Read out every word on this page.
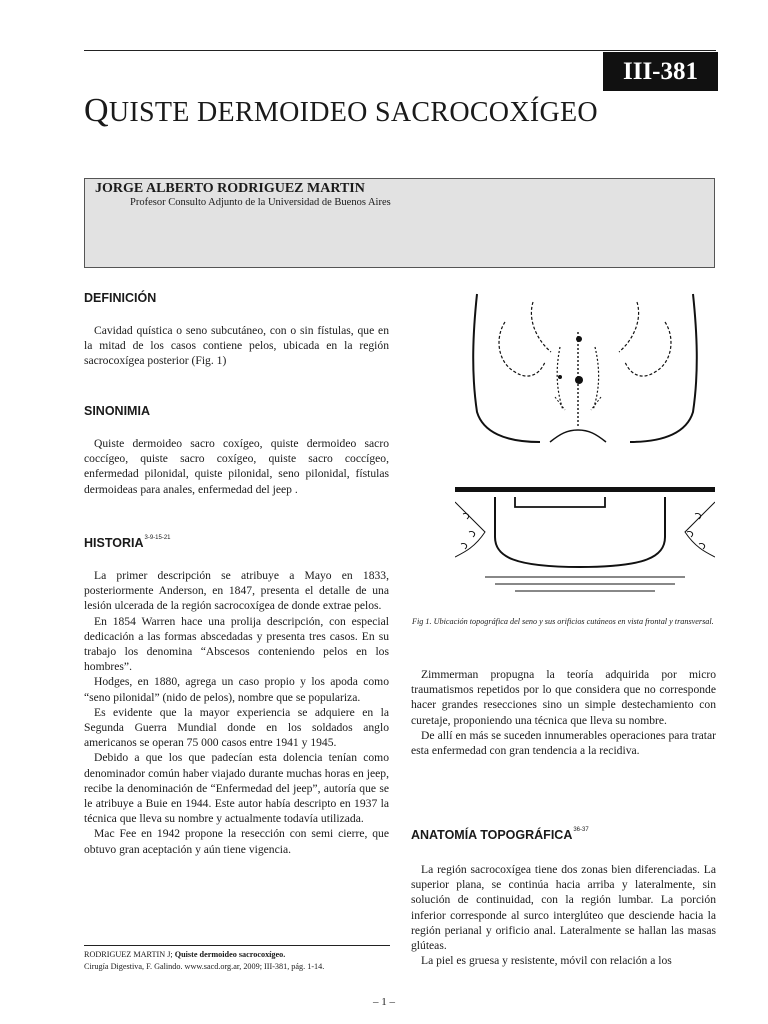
III-381
QUISTE DERMOIDEO SACROCOXÍGEO
JORGE ALBERTO RODRIGUEZ MARTIN
Profesor Consulto Adjunto de la Universidad de Buenos Aires
DEFINICIÓN

Cavidad quística o seno subcutáneo, con o sin fístulas, que en la mitad de los casos contiene pelos, ubicada en la región sacrocoxígea posterior (Fig. 1)

SINONIMIA

Quiste dermoideo sacro coxígeo, quiste dermoideo sacro coccígeo, quiste sacro coxígeo, quiste sacro coccígeo, enfermedad pilonidal, quiste pilonidal, seno pilonidal, fístulas dermoideas para anales, enfermedad del jeep .

HISTORIA$^{3-9-15-21}$

La primer descripción se atribuye a Mayo en 1833, posteriormente Anderson, en 1847, presenta el detalle de una lesión ulcerada de la región sacrocoxígea de donde extrae pelos.

En 1854 Warren hace una prolija descripción, con especial dedicación a las formas abscedadas y presenta tres casos. En su trabajo los denomina “Abscesos conteniendo pelos en los hombres”.

Hodges, en 1880, agrega un caso propio y los apoda como “seno pilonidal” (nido de pelos), nombre que se populariza.

Es evidente que la mayor experiencia se adquiere en la Segunda Guerra Mundial donde en los soldados anglo americanos se operan 75 000 casos entre 1941 y 1945.

Debido a que los que padecían esta dolencia tenían como denominador común haber viajado durante muchas horas en jeep, recibe la denominación de “Enfermedad del jeep”, autoría que se le atribuye a Buie en 1944. Este autor había descripto en 1937 la técnica que lleva su nombre y actualmente todavía utilizada.

Mac Fee en 1942 propone la resección con semi cierre, que obtuvo gran aceptación y aún tiene vigencia.

Fig 1. Ubicación topográfica del seno y sus orificios cutáneos en vista frontal y transversal.

Zimmerman propugna la teoría adquirida por micro traumatismos repetidos por lo que considera que no corresponde hacer grandes resecciones sino un simple destechamiento con curetaje, proponiendo una técnica que lleva su nombre.

De allí en más se suceden innumerables operaciones para tratar esta enfermedad con gran tendencia a la recidiva.

ANATOMÍA TOPOGRÁFICA$^{36-37}$

La región sacrocoxígea tiene dos zonas bien diferenciadas. La superior plana, se continúa hacia arriba y lateralmente, sin solución de continuidad, con la región lumbar. La porción inferior corresponde al surco interglúteo que desciende hacia la región perianal y orificio anal. Lateralmente se hallan las masas glúteas.

La piel es gruesa y resistente, móvil con relación a los

RODRIGUEZ MARTIN J; Quiste dermoideo sacrocoxígeo.
Cirugía Digestiva, F. Galindo. www.sacd.org.ar, 2009; III-381, pág. 1-14.
– 1 –
